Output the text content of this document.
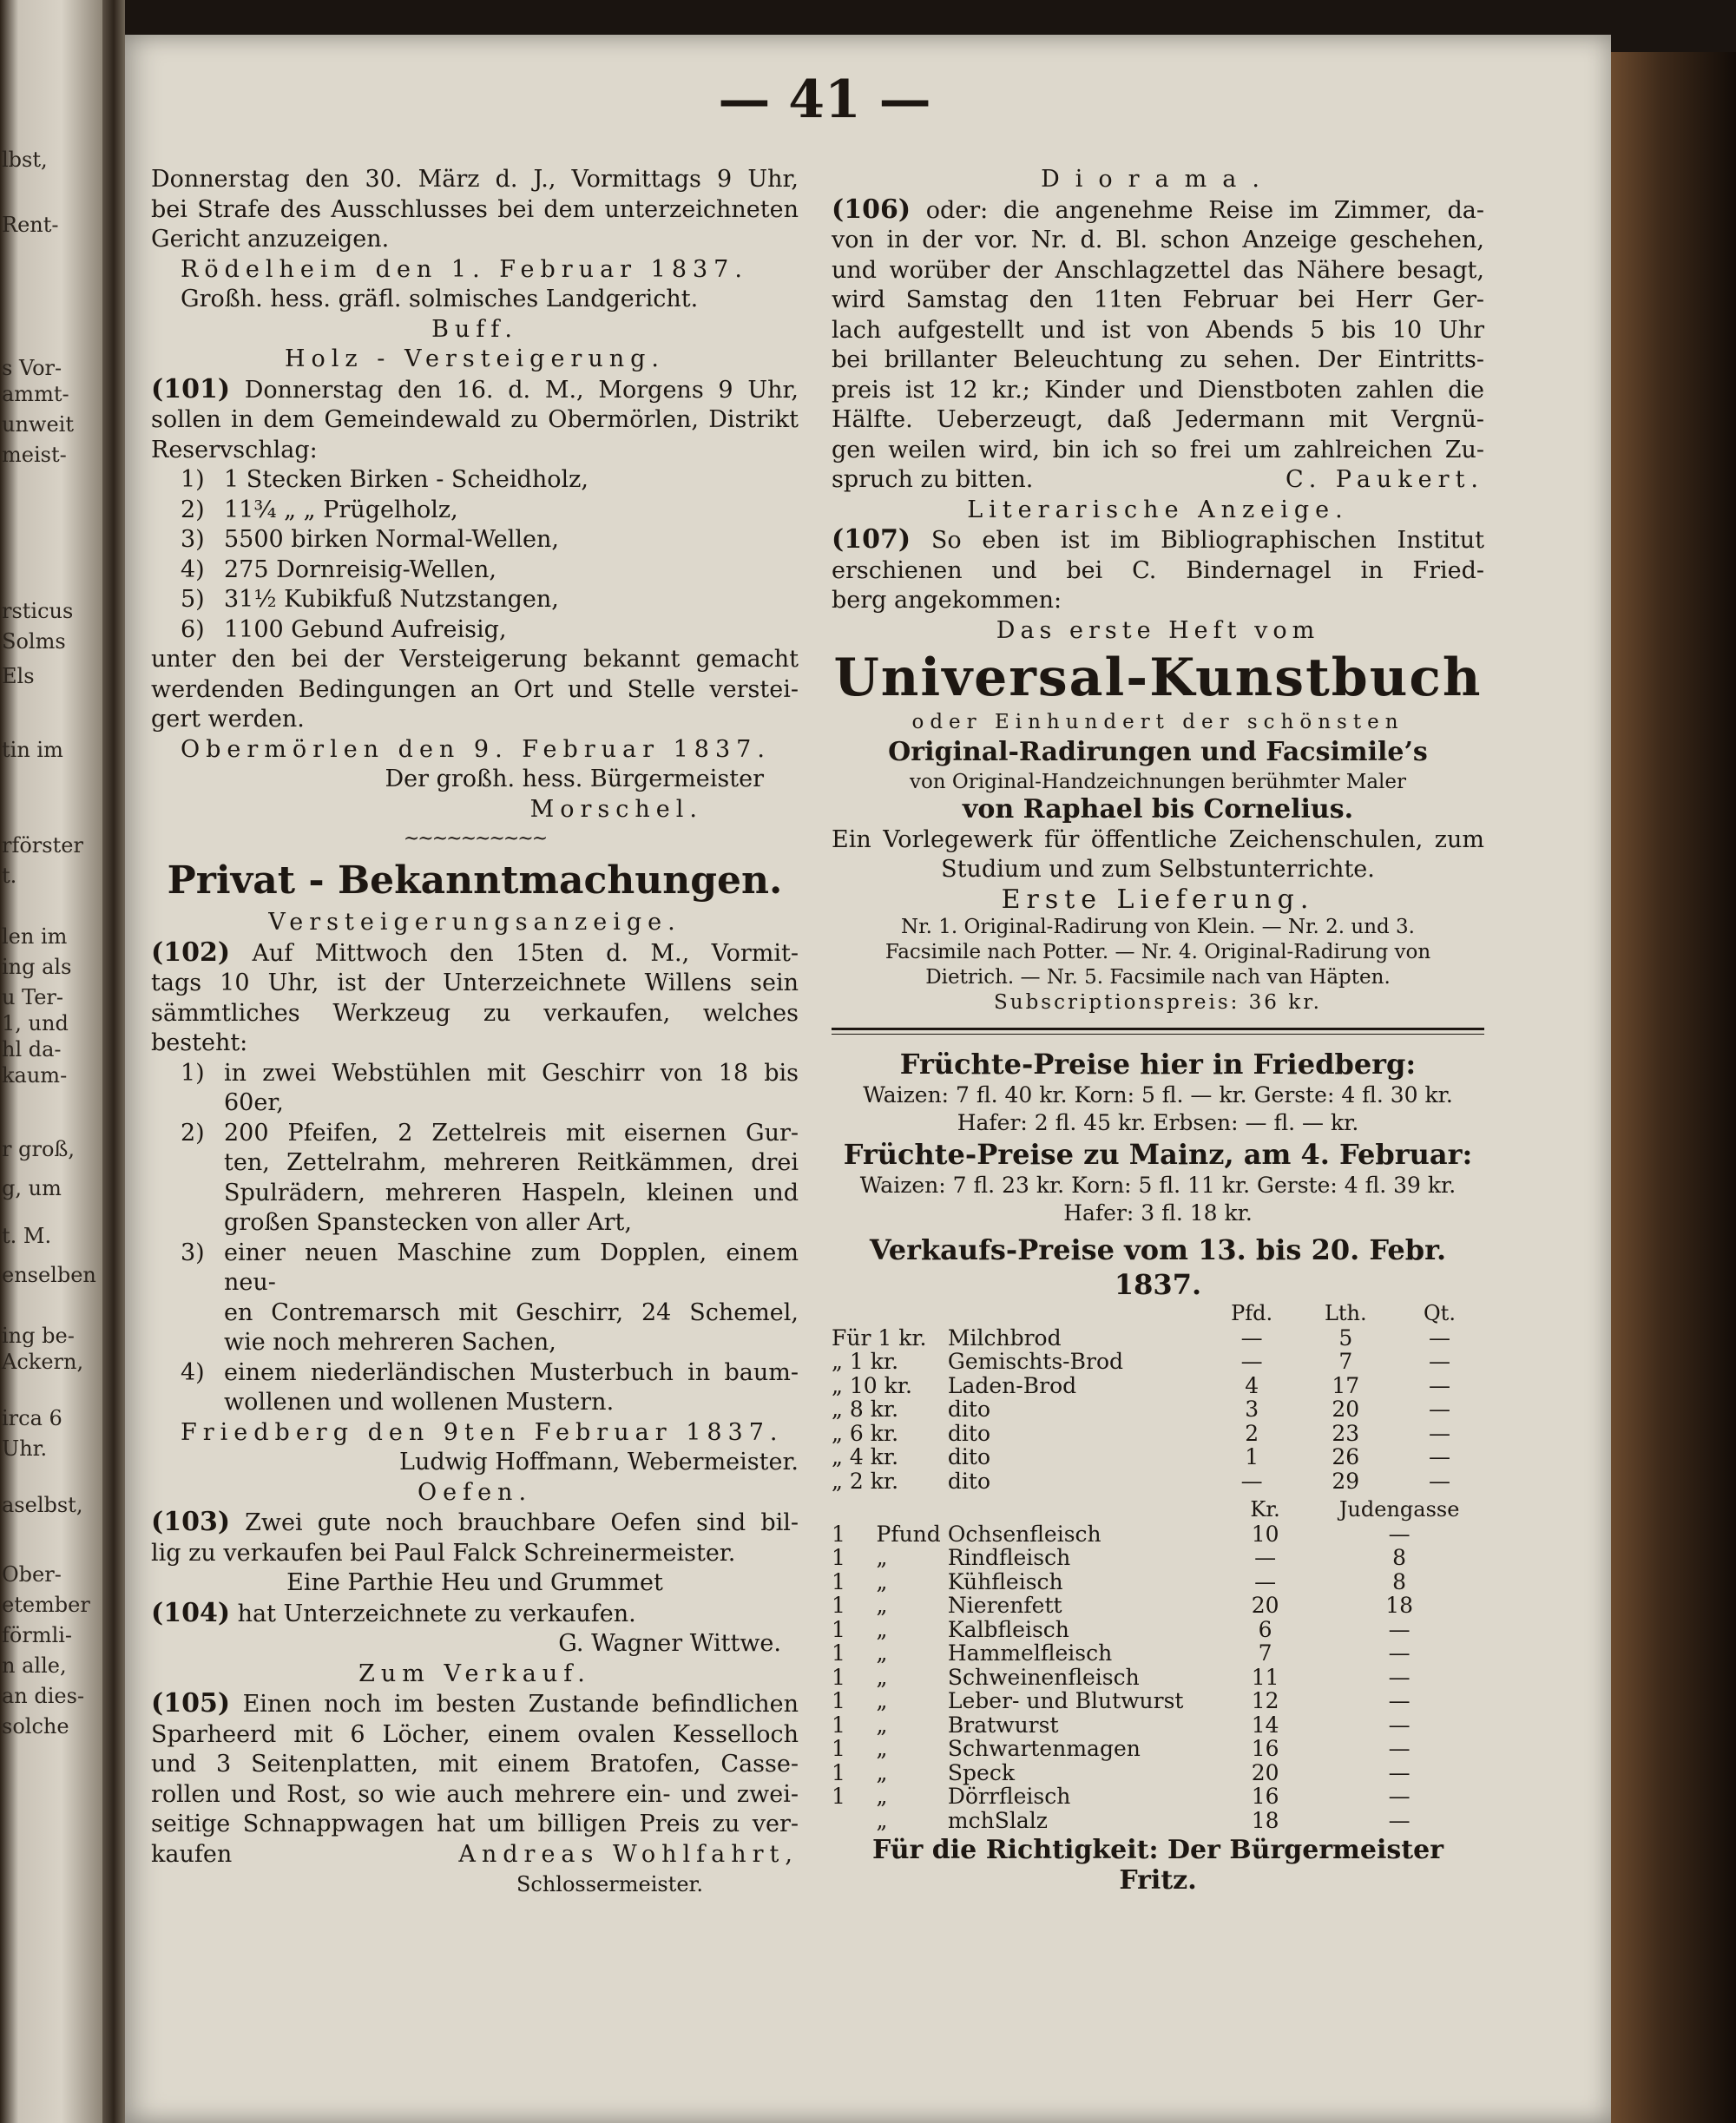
lbst,
Rent-
s Vor-
ammt-
unweit
meist-
rsticus
Solms
Els
tin im
rförster
t.
len im
ing als
u Ter-
1, und
hl da-
kaum-
r groß,
g, um
t. M.
enselben
ing be-
Ackern,
irca 6
Uhr.
aselbst,
Ober-
etember
förmli-
n alle,
an dies-
solche
— 41 —

Donnerstag den 30. März d. J., Vormittags 9 Uhr,

bei Strafe des Ausschlusses bei dem unterzeichneten

Gericht anzuzeigen.

Rödelheim den 1. Februar 1837.

Großh. hess. gräfl. solmisches Landgericht.

Buff.

Holz - Versteigerung.

(101) Donnerstag den 16. d. M., Morgens 9 Uhr,

sollen in dem Gemeindewald zu Obermörlen, Distrikt

Reservschlag:

1) 1 Stecken Birken - Scheidholz,
2) 11¾ „ „ Prügelholz,
3) 5500 birken Normal-Wellen,
4) 275 Dornreisig-Wellen,
5) 31½ Kubikfuß Nutzstangen,
6) 1100 Gebund Aufreisig,

unter den bei der Versteigerung bekannt gemacht

werdenden Bedingungen an Ort und Stelle verstei-

gert werden.

Obermörlen den 9. Februar 1837.

Der großh. hess. Bürgermeister

Morschel.

~~~~~~~~~~

Privat - Bekanntmachungen.

Versteigerungsanzeige.

(102) Auf Mittwoch den 15ten d. M., Vormit-

tags 10 Uhr, ist der Unterzeichnete Willens sein

sämmtliches Werkzeug zu verkaufen, welches besteht:

1) in zwei Webstühlen mit Geschirr von 18 bis

60er,

2) 200 Pfeifen, 2 Zettelreis mit eisernen Gur-

ten, Zettelrahm, mehreren Reitkämmen, drei

Spulrädern, mehreren Haspeln, kleinen und

großen Spanstecken von aller Art,

3) einer neuen Maschine zum Dopplen, einem neu-

en Contremarsch mit Geschirr, 24 Schemel,

wie noch mehreren Sachen,

4) einem niederländischen Musterbuch in baum-

wollenen und wollenen Mustern.

Friedberg den 9ten Februar 1837.

Ludwig Hoffmann, Webermeister.

Oefen.

(103) Zwei gute noch brauchbare Oefen sind bil-

lig zu verkaufen bei Paul Falck Schreinermeister.

Eine Parthie Heu und Grummet

(104) hat Unterzeichnete zu verkaufen.

G. Wagner Wittwe.

Zum Verkauf.

(105) Einen noch im besten Zustande befindlichen

Sparheerd mit 6 Löcher, einem ovalen Kesselloch

und 3 Seitenplatten, mit einem Bratofen, Casse-

rollen und Rost, so wie auch mehrere ein- und zwei-

seitige Schnappwagen hat um billigen Preis zu ver-

kaufen	Andreas Wohlfahrt,

Schlossermeister.

Diorama.

(106) oder: die angenehme Reise im Zimmer, da-

von in der vor. Nr. d. Bl. schon Anzeige geschehen,

und worüber der Anschlagzettel das Nähere besagt,

wird Samstag den 11ten Februar bei Herr Ger-

lach aufgestellt und ist von Abends 5 bis 10 Uhr

bei brillanter Beleuchtung zu sehen. Der Eintritts-

preis ist 12 kr.; Kinder und Dienstboten zahlen die

Hälfte. Ueberzeugt, daß Jedermann mit Vergnü-

gen weilen wird, bin ich so frei um zahlreichen Zu-

spruch zu bitten.	C. Paukert.

Literarische Anzeige.

(107) So eben ist im Bibliographischen Institut

erschienen und bei C. Bindernagel in Fried-

berg angekommen:

Das erste Heft vom

Universal-Kunstbuch

oder Einhundert der schönsten

Original-Radirungen und Facsimile’s

von Original-Handzeichnungen berühmter Maler

von Raphael bis Cornelius.

Ein Vorlegewerk für öffentliche Zeichenschulen, zum

Studium und zum Selbstunterrichte.

Erste Lieferung.

Nr. 1. Original-Radirung von Klein. — Nr. 2. und 3.

Facsimile nach Potter. — Nr. 4. Original-Radirung von

Dietrich. — Nr. 5. Facsimile nach van Häpten.

Subscriptionspreis: 36 kr.

Früchte-Preise hier in Friedberg:

Waizen: 7 fl. 40 kr. Korn: 5 fl. — kr. Gerste: 4 fl. 30 kr.

Hafer: 2 fl. 45 kr. Erbsen: — fl. — kr.

Früchte-Preise zu Mainz, am 4. Februar:

Waizen: 7 fl. 23 kr. Korn: 5 fl. 11 kr. Gerste: 4 fl. 39 kr.

Hafer: 3 fl. 18 kr.

Verkaufs-Preise vom 13. bis 20. Febr. 1837.

		Pfd.	Lth.	Qt.
Für 1 kr.	Milchbrod	—	5	—
„ 1 kr.	Gemischts-Brod	—	7	—
„ 10 kr.	Laden-Brod	4	17	—
„ 8 kr.	dito	3	20	—
„ 6 kr.	dito	2	23	—
„ 4 kr.	dito	1	26	—
„ 2 kr.	dito	—	29	—
			Kr.	Judengasse
1	Pfund	Ochsenfleisch	10	—
1	„	Rindfleisch	—	8
1	„	Kühfleisch	—	8
1	„	Nierenfett	20	18
1	„	Kalbfleisch	6	—
1	„	Hammelfleisch	7	—
1	„	Schweinenfleisch	11	—
1	„	Leber- und Blutwurst	12	—
1	„	Bratwurst	14	—
1	„	Schwartenmagen	16	—
1	„	Speck	20	—
1	„	Dörrfleisch	16	—
	„	mchSlalz	18	—

Für die Richtigkeit: Der Bürgermeister Fritz.
